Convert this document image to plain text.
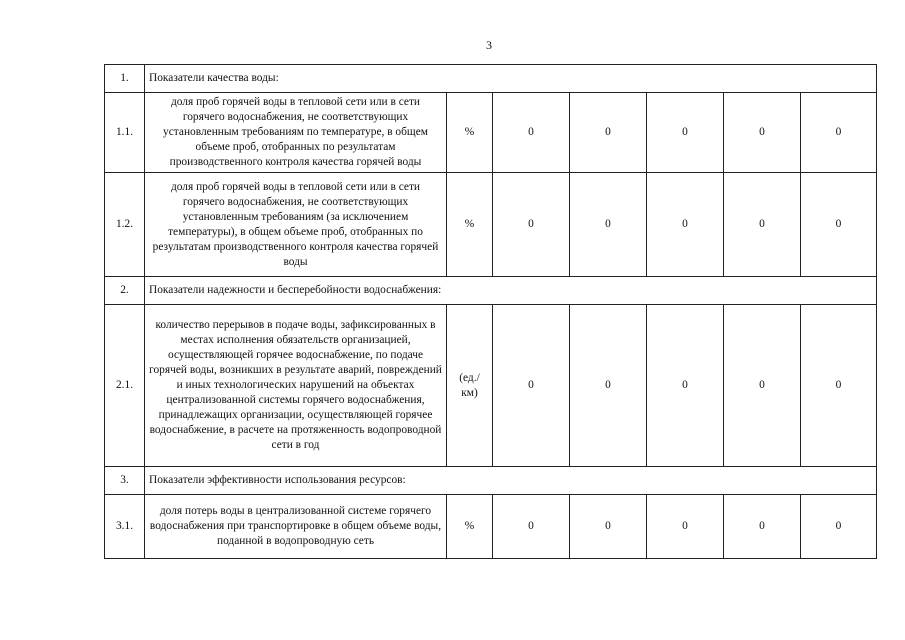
3
1.	Показатели качества воды:						
1.1.	доля проб горячей воды в тепловой сети или в сети горячего водоснабжения, не соответствующих установленным требованиям по температуре, в общем объеме проб, отобранных по результатам производственного контроля качества горячей воды	%	0	0	0	0	0
1.2.	доля проб горячей воды в тепловой сети или в сети горячего водоснабжения, не соответствующих установленным требованиям (за исключением температуры), в общем объеме проб, отобранных по результатам производственного контроля качества горячей воды	%	0	0	0	0	0
2.	Показатели надежности и бесперебойности водоснабжения:						
2.1.	количество перерывов в подаче воды, зафиксированных в местах исполнения обязательств организацией, осуществляющей горячее водоснабжение, по подаче горячей воды, возникших в результате аварий, повреждений и иных технологических нарушений на объектах централизованной системы горячего водоснабжения, принадлежащих организации, осуществляющей горячее водоснабжение, в расчете на протяженность водопроводной сети в год	(ед./км)	0	0	0	0	0
3.	Показатели эффективности использования ресурсов:						
3.1.	доля потерь воды в централизованной системе горячего водоснабжения при транспортировке в общем объеме воды, поданной в водопроводную сеть	%	0	0	0	0	0
